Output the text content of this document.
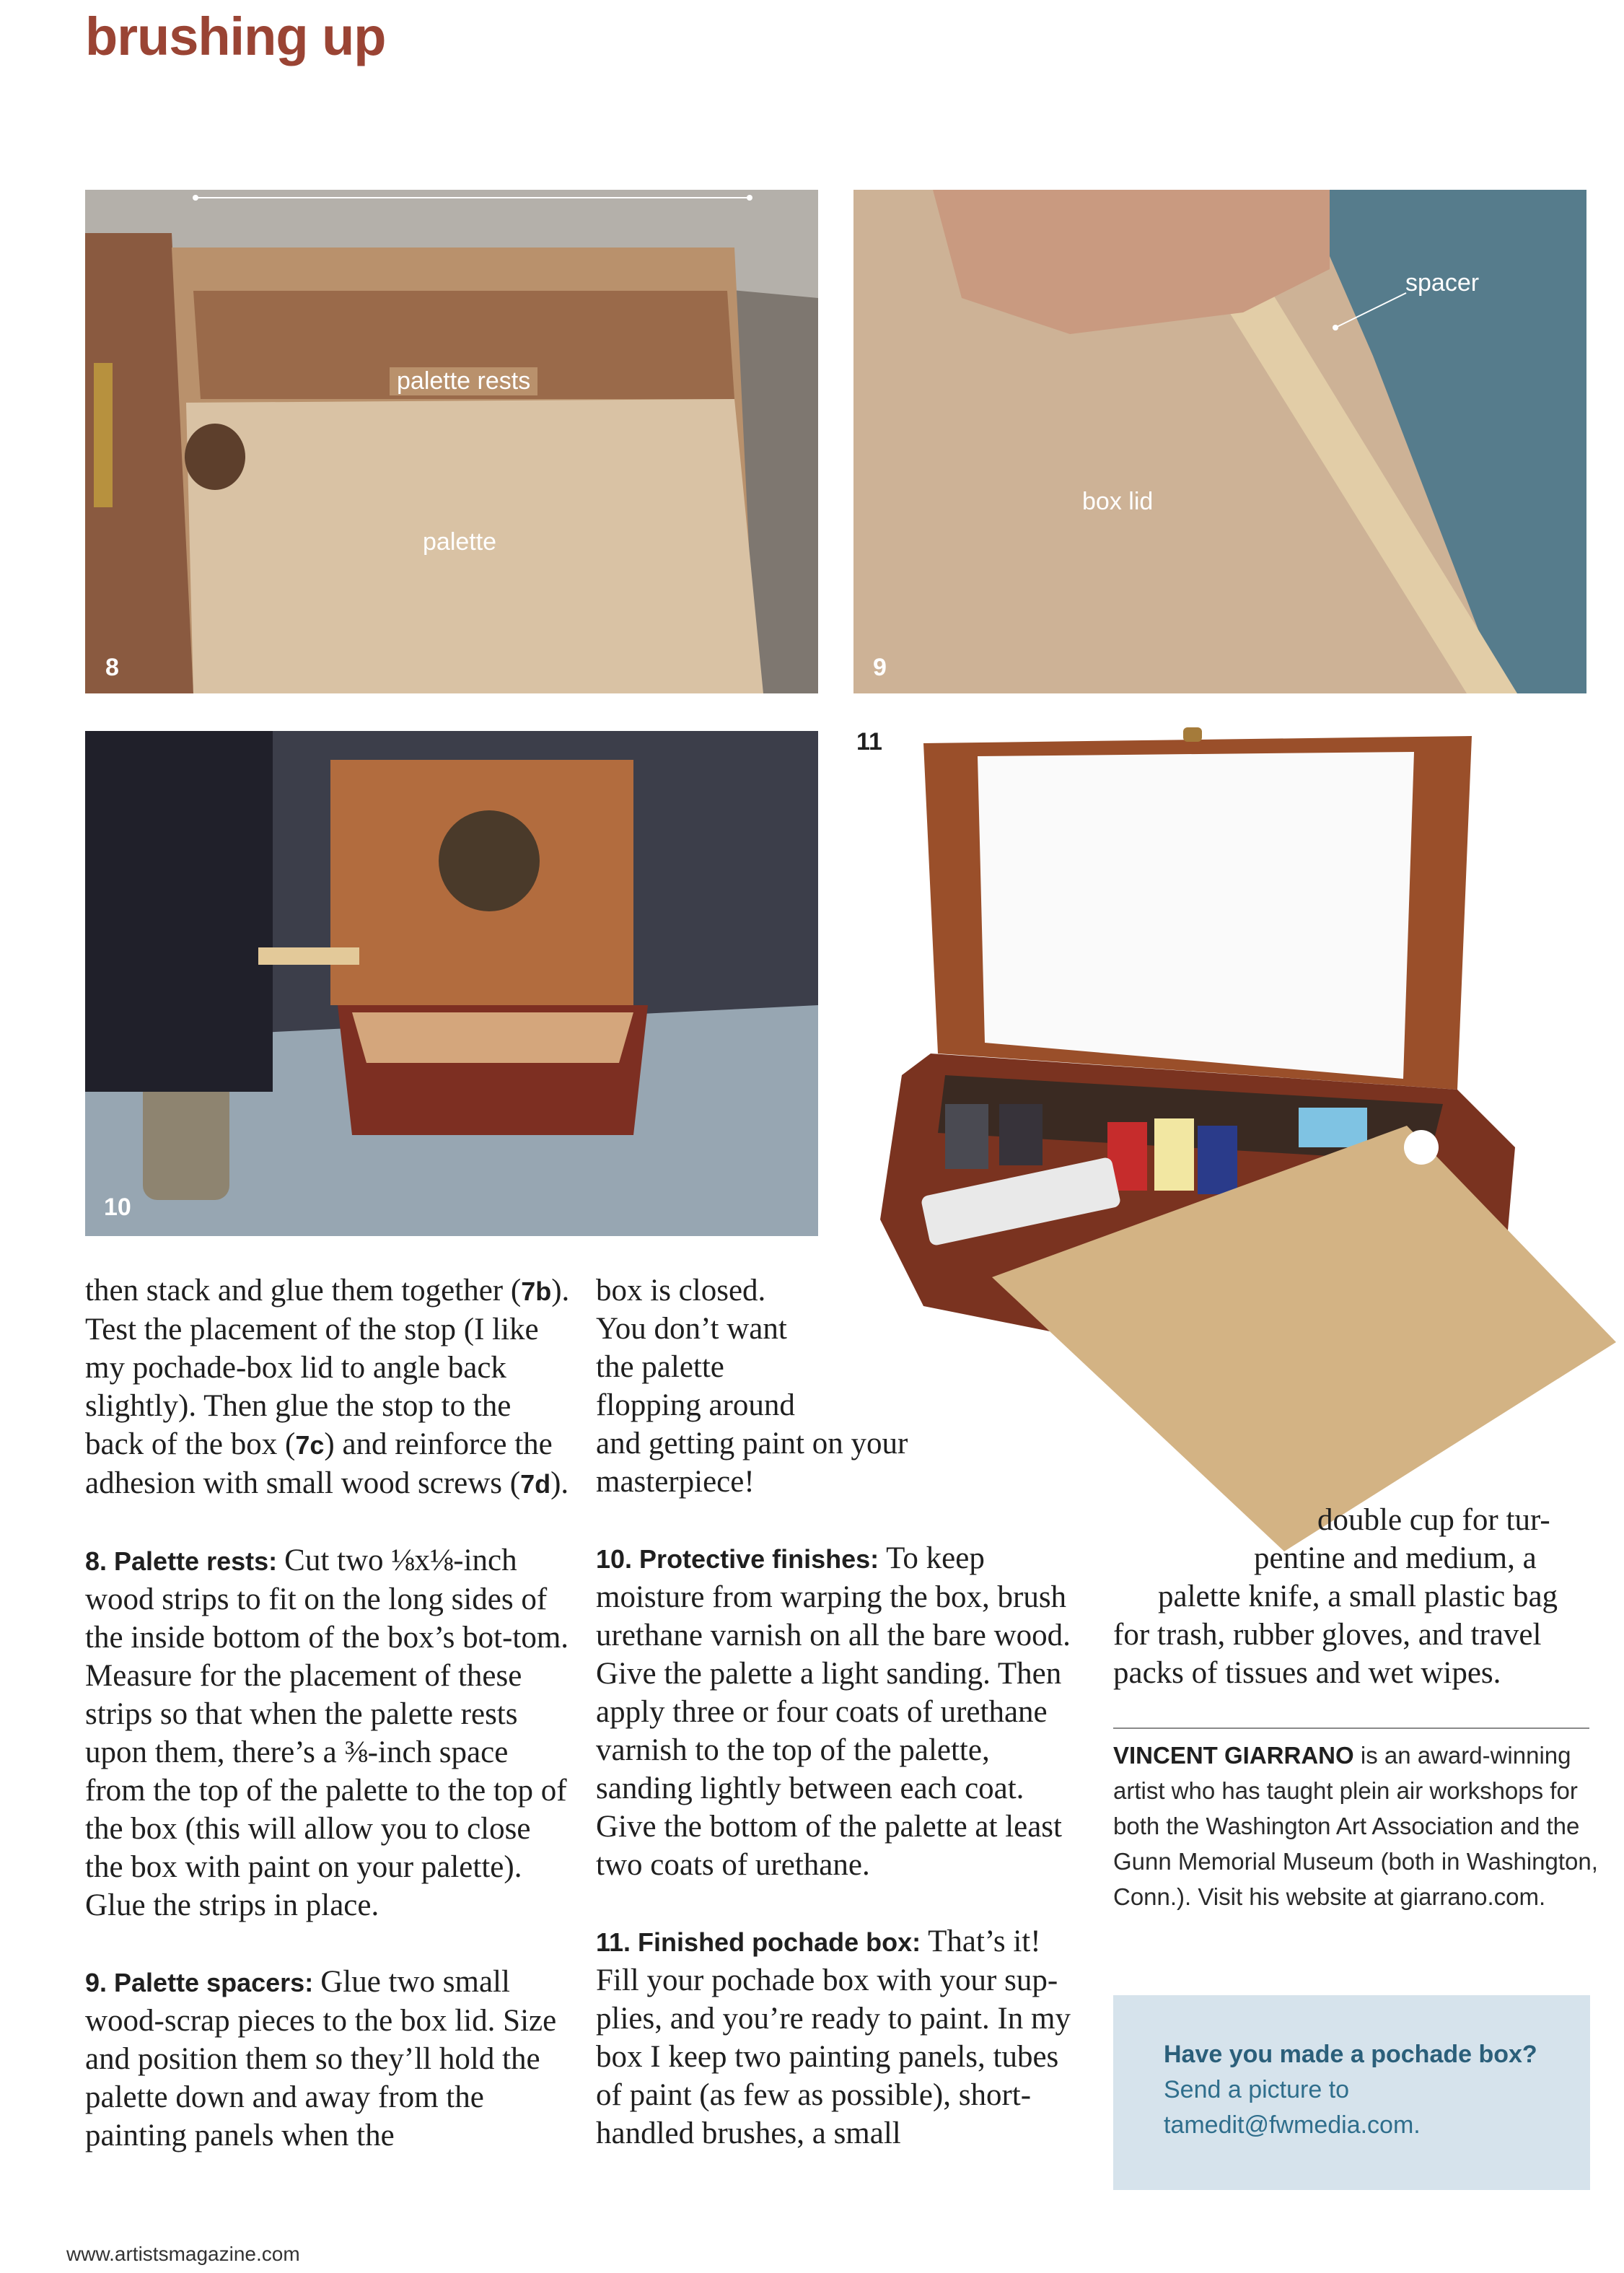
brushing up
palette rests
palette
8
spacer
box lid
9
10
11

then stack and glue them together (7b). Test the placement of the stop (I like my pochade-box lid to angle back slightly). Then glue the stop to the back of the box (7c) and reinforce the adhesion with small wood screws (7d).

8. Palette rests: Cut two ⅛x⅛-inch wood strips to fit on the long sides of the inside bottom of the box’s bot-tom. Measure for the placement of these strips so that when the palette rests upon them, there’s a ⅜-inch space from the top of the palette to the top of the box (this will allow you to close the box with paint on your palette). Glue the strips in place.

9. Palette spacers: Glue two small wood-scrap pieces to the box lid. Size and position them so they’ll hold the palette down and away from the painting panels when the

box is closed.
You don’t want
the palette
flopping around
and getting paint on your
masterpiece!

10. Protective finishes: To keep moisture from warping the box, brush urethane varnish on all the bare wood. Give the palette a light sanding. Then apply three or four coats of urethane varnish to the top of the palette, sanding lightly between each coat. Give the bottom of the palette at least two coats of urethane.

11. Finished pochade box: That’s it! Fill your pochade box with your sup-plies, and you’re ready to paint. In my box I keep two painting panels, tubes of paint (as few as possible), short-handled brushes, a small

double cup for tur-
pentine and medium, a
palette knife, a small plastic bag
for trash, rubber gloves, and travel
packs of tissues and wet wipes.
VINCENT GIARRANO is an award-winning artist who has taught plein air workshops for both the Washington Art Association and the Gunn Memorial Museum (both in Washington, Conn.). Visit his website at giarrano.com.
Have you made a pochade box? Send a picture to tamedit@fwmedia.com.
www.artistsmagazine.com
